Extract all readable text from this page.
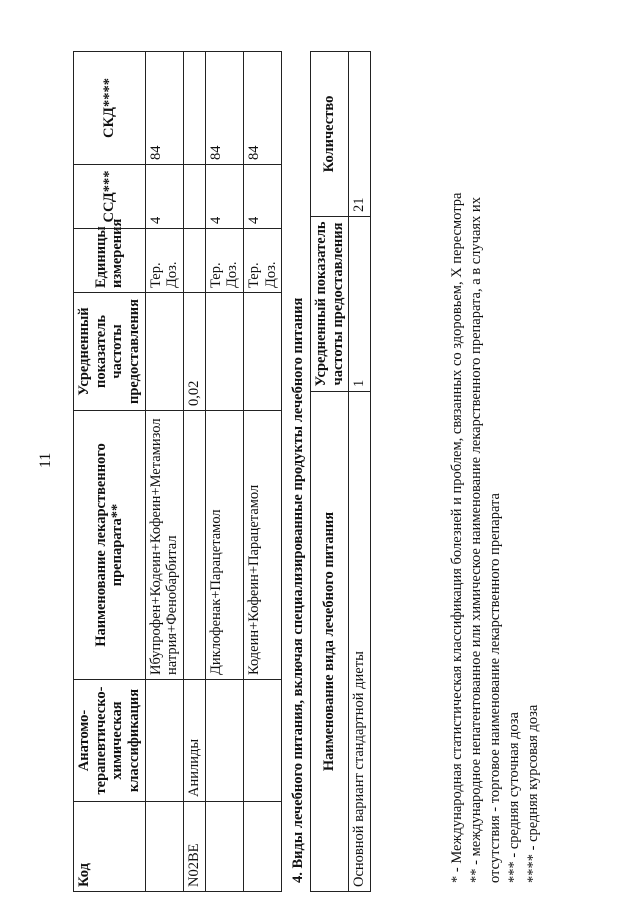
11
Код	Анатомо-терапевтическо-химическая классификация	Наименование лекарственного препарата**	Усредненный показатель частоты предоставления	Единицы измерения	ССД***	СКД****
		Ибупрофен+Кодеин+Кофеин+Метамизол натрия+Фенобарбитал		Тер. Доз.	4	84
N02BE	Анилиды		0,02			
		Диклофенак+Парацетамол		Тер. Доз.	4	84
		Кодеин+Кофеин+Парацетамол		Тер. Доз.	4	84
4. Виды лечебного питания, включая специализированные продукты лечебного питания Наименование вида лечебного питания	Усредненный показатель частоты предоставления	Количество
Основной вариант стандартной диеты	1	21	* - Международная статистическая классификация болезней и проблем, связанных со здоровьем, X пересмотра ** - международное непатентованное или химическое наименование лекарственного препарата, а в случаях их отсутствия - торговое наименование лекарственного препарата *** - средняя суточная доза **** - средняя курсовая доза
